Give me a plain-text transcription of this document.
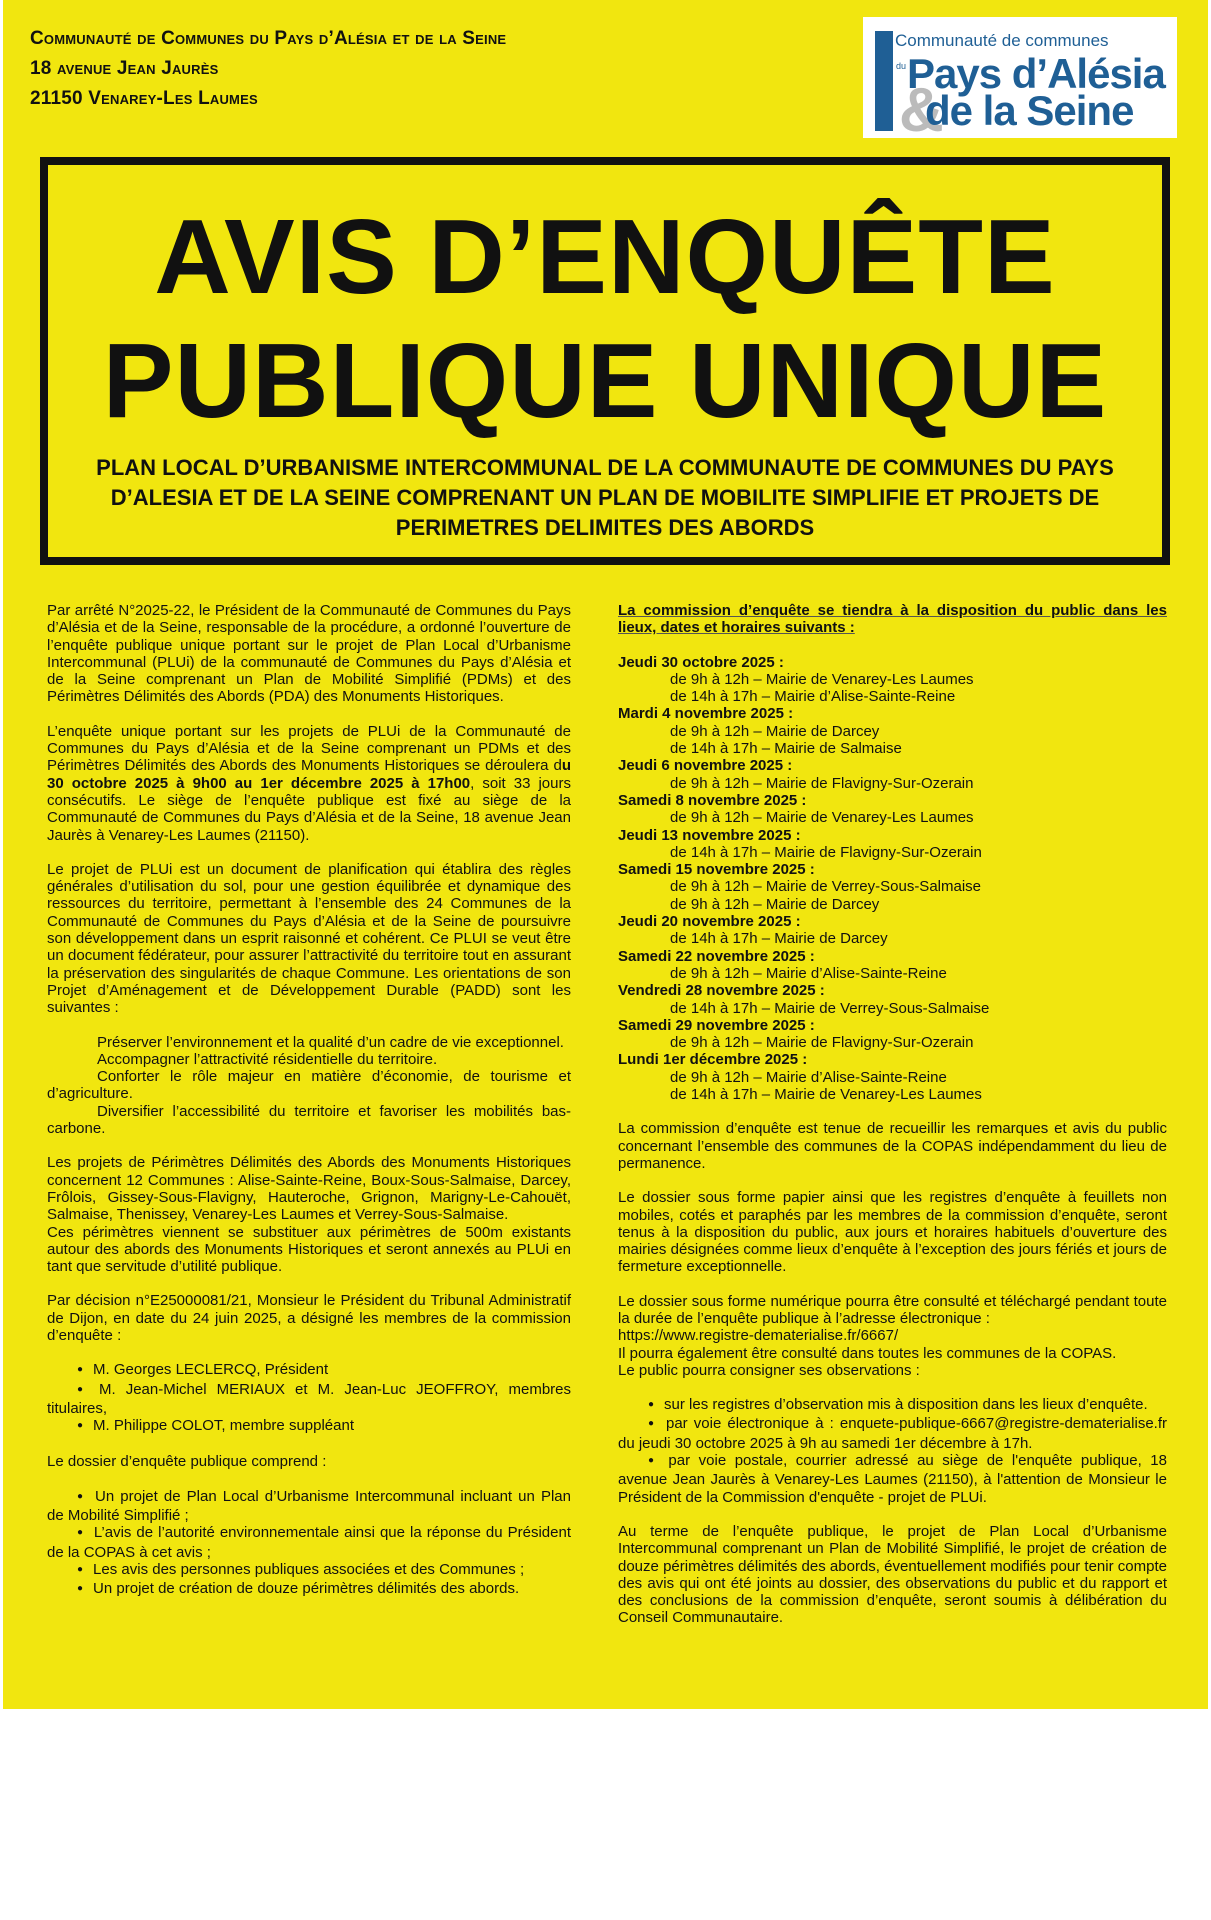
Communauté de Communes du Pays d’Alésia et de la Seine
18 avenue Jean Jaurès
21150 Venarey-Les Laumes
Communauté de communes
du
&
Pays d’Alésia
de la Seine
AVIS D’ENQUÊTE
PUBLIQUE UNIQUE
PLAN LOCAL D’URBANISME INTERCOMMUNAL DE LA COMMUNAUTE DE COMMUNES DU PAYS D’ALESIA ET DE LA SEINE COMPRENANT UN PLAN DE MOBILITE SIMPLIFIE ET PROJETS DE PERIMETRES DELIMITES DES ABORDS

Par arrêté N°2025-22, le Président de la Communauté de Communes du Pays d’Alésia et de la Seine, responsable de la procédure, a ordonné l’ouverture de l’enquête publique unique portant sur le projet de Plan Local d’Urbanisme Intercommunal (PLUi) de la communauté de Communes du Pays d’Alésia et de la Seine comprenant un Plan de Mobilité Simplifié (PDMs) et des Périmètres Délimités des Abords (PDA) des Monuments Historiques.

L’enquête unique portant sur les projets de PLUi de la Communauté de Communes du Pays d’Alésia et de la Seine comprenant un PDMs et des Périmètres Délimités des Abords des Monuments Historiques se déroulera du 30 octobre 2025 à 9h00 au 1er décembre 2025 à 17h00, soit 33 jours consécutifs. Le siège de l’enquête publique est fixé au siège de la Communauté de Communes du Pays d’Alésia et de la Seine, 18 avenue Jean Jaurès à Venarey-Les Laumes (21150).

Le projet de PLUi est un document de planification qui établira des règles générales d’utilisation du sol, pour une gestion équilibrée et dynamique des ressources du territoire, permettant à l’ensemble des 24 Communes de la Communauté de Communes du Pays d’Alésia et de la Seine de poursuivre son développement dans un esprit raisonné et cohérent. Ce PLUI se veut être un document fédérateur, pour assurer l’attractivité du territoire tout en assurant la préservation des singularités de chaque Commune. Les orientations de son Projet d’Aménagement et de Développement Durable (PADD) sont les suivantes :

Préserver l’environnement et la qualité d’un cadre de vie exceptionnel.
Accompagner l’attractivité résidentielle du territoire.
Conforter le rôle majeur en matière d’économie, de tourisme et d’agriculture.
Diversifier l’accessibilité du territoire et favoriser les mobilités bas-carbone.

Les projets de Périmètres Délimités des Abords des Monuments Historiques concernent 12 Communes : Alise-Sainte-Reine, Boux-Sous-Salmaise, Darcey, Frôlois, Gissey-Sous-Flavigny, Hauteroche, Grignon, Marigny-Le-Cahouët, Salmaise, Thenissey, Venarey-Les Laumes et Verrey-Sous-Salmaise.

Ces périmètres viennent se substituer aux périmètres de 500m existants autour des abords des Monuments Historiques et seront annexés au PLUi en tant que servitude d’utilité publique.

Par décision n°E25000081/21, Monsieur le Président du Tribunal Administratif de Dijon, en date du 24 juin 2025, a désigné les membres de la commission d’enquête :

● M. Georges LECLERCQ, Président
● M. Jean-Michel MERIAUX et M. Jean-Luc JEOFFROY, membres titulaires,
● M. Philippe COLOT, membre suppléant

Le dossier d’enquête publique comprend :

● Un projet de Plan Local d’Urbanisme Intercommunal incluant un Plan de Mobilité Simplifié ;
● L’avis de l’autorité environnementale ainsi que la réponse du Président de la COPAS à cet avis ;
● Les avis des personnes publiques associées et des Communes ;
● Un projet de création de douze périmètres délimités des abords.

La commission d’enquête se tiendra à la disposition du public dans les lieux, dates et horaires suivants :

Jeudi 30 octobre 2025 :
de 9h à 12h – Mairie de Venarey-Les Laumes
de 14h à 17h – Mairie d’Alise-Sainte-Reine
Mardi 4 novembre 2025 :
de 9h à 12h – Mairie de Darcey
de 14h à 17h – Mairie de Salmaise
Jeudi 6 novembre 2025 :
de 9h à 12h – Mairie de Flavigny-Sur-Ozerain
Samedi 8 novembre 2025 :
de 9h à 12h – Mairie de Venarey-Les Laumes
Jeudi 13 novembre 2025 :
de 14h à 17h – Mairie de Flavigny-Sur-Ozerain
Samedi 15 novembre 2025 :
de 9h à 12h – Mairie de Verrey-Sous-Salmaise
de 9h à 12h – Mairie de Darcey
Jeudi 20 novembre 2025 :
de 14h à 17h – Mairie de Darcey
Samedi 22 novembre 2025 :
de 9h à 12h – Mairie d’Alise-Sainte-Reine
Vendredi 28 novembre 2025 :
de 14h à 17h – Mairie de Verrey-Sous-Salmaise
Samedi 29 novembre 2025 :
de 9h à 12h – Mairie de Flavigny-Sur-Ozerain
Lundi 1er décembre 2025 :
de 9h à 12h – Mairie d’Alise-Sainte-Reine
de 14h à 17h – Mairie de Venarey-Les Laumes

La commission d’enquête est tenue de recueillir les remarques et avis du public concernant l’ensemble des communes de la COPAS indépendamment du lieu de permanence.

Le dossier sous forme papier ainsi que les registres d’enquête à feuillets non mobiles, cotés et paraphés par les membres de la commission d’enquête, seront tenus à la disposition du public, aux jours et horaires habituels d’ouverture des mairies désignées comme lieux d’enquête à l’exception des jours fériés et jours de fermeture exceptionnelle.

Le dossier sous forme numérique pourra être consulté et téléchargé pendant toute la durée de l’enquête publique à l’adresse électronique :
https://www.registre-dematerialise.fr/6667/
Il pourra également être consulté dans toutes les communes de la COPAS.
Le public pourra consigner ses observations :
● sur les registres d’observation mis à disposition dans les lieux d’enquête.
● par voie électronique à : enquete-publique-6667@registre-dematerialise.fr du jeudi 30 octobre 2025 à 9h au samedi 1er décembre à 17h.
● par voie postale, courrier adressé au siège de l'enquête publique, 18 avenue Jean Jaurès à Venarey-Les Laumes (21150), à l'attention de Monsieur le Président de la Commission d'enquête - projet de PLUi.

Au terme de l’enquête publique, le projet de Plan Local d’Urbanisme Intercommunal comprenant un Plan de Mobilité Simplifié, le projet de création de douze périmètres délimités des abords, éventuellement modifiés pour tenir compte des avis qui ont été joints au dossier, des observations du public et du rapport et des conclusions de la commission d’enquête, seront soumis à délibération du Conseil Communautaire.
